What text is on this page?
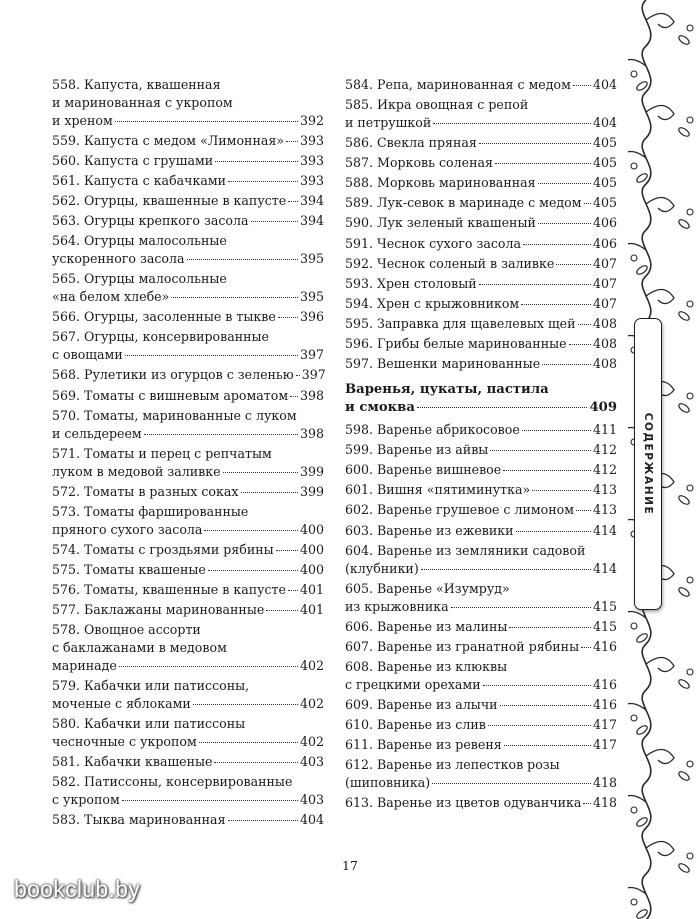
558. Капуста, квашенная
и маринованная с укропом
и хреном	392
559. Капуста с медом «Лимонная» 393
560. Капуста с грушами	393
561. Капуста с кабачками	393
562. Огурцы, квашенные в капусте 394
563. Огурцы крепкого засола	394
564. Огурцы малосольные
ускоренного засола	395
565. Огурцы малосольные
«на белом хлебе»	395
566. Огурцы, засоленные в тыкве 396
567. Огурцы, консервированные
с овощами	397
568. Рулетики из огурцов с зеленью 397
569. Томаты с вишневым ароматом 398
570. Томаты, маринованные с луком
и сельдереем	398
571. Томаты и перец с репчатым
луком в медовой заливке	399
572. Томаты в разных соках	399
573. Томаты фаршированные
пряного сухого засола	400
574. Томаты с гроздьями рябины 400
575. Томаты квашеные	400
576. Томаты, квашенные в капусте 401
577. Баклажаны маринованные	401
578. Овощное ассорти
с баклажанами в медовом
маринаде	402
579. Кабачки или патиссоны,
моченые с яблоками	402
580. Кабачки или патиссоны
чесночные с укропом	402
581. Кабачки квашеные	403
582. Патиссоны, консервированные
с укропом	403
583. Тыква маринованная	404
584. Репа, маринованная с медом 404
585. Икра овощная с репой
и петрушкой	404
586. Свекла пряная	405
587. Морковь соленая	405
588. Морковь маринованная	405
589. Лук-севок в маринаде с медом 405
590. Лук зеленый квашеный	406
591. Чеснок сухого засола	406
592. Чеснок соленый в заливке	407
593. Хрен столовый	407
594. Хрен с крыжовником	407
595. Заправка для щавелевых щей 408
596. Грибы белые маринованные 408
597. Вешенки маринованные	408
Варенья, цукаты, пастила
и смоква	409
598. Варенье абрикосовое	411
599. Варенье из айвы	412
600. Варенье вишневое	412
601. Вишня «пятиминутка»	413
602. Варенье грушевое с лимоном 413
603. Варенье из ежевики	414
604. Варенье из земляники садовой
(клубники)	414
605. Варенье «Изумруд»
из крыжовника	415
606. Варенье из малины	415
607. Варенье из гранатной рябины 416
608. Варенье из клюквы
с грецкими орехами	416
609. Варенье из алычи	416
610. Варенье из слив	417
611. Варенье из ревеня	417
612. Варенье из лепестков розы
(шиповника)	418
613. Варенье из цветов одуванчика 418
17
СОДЕРЖАНИЕ
bookclub.by
